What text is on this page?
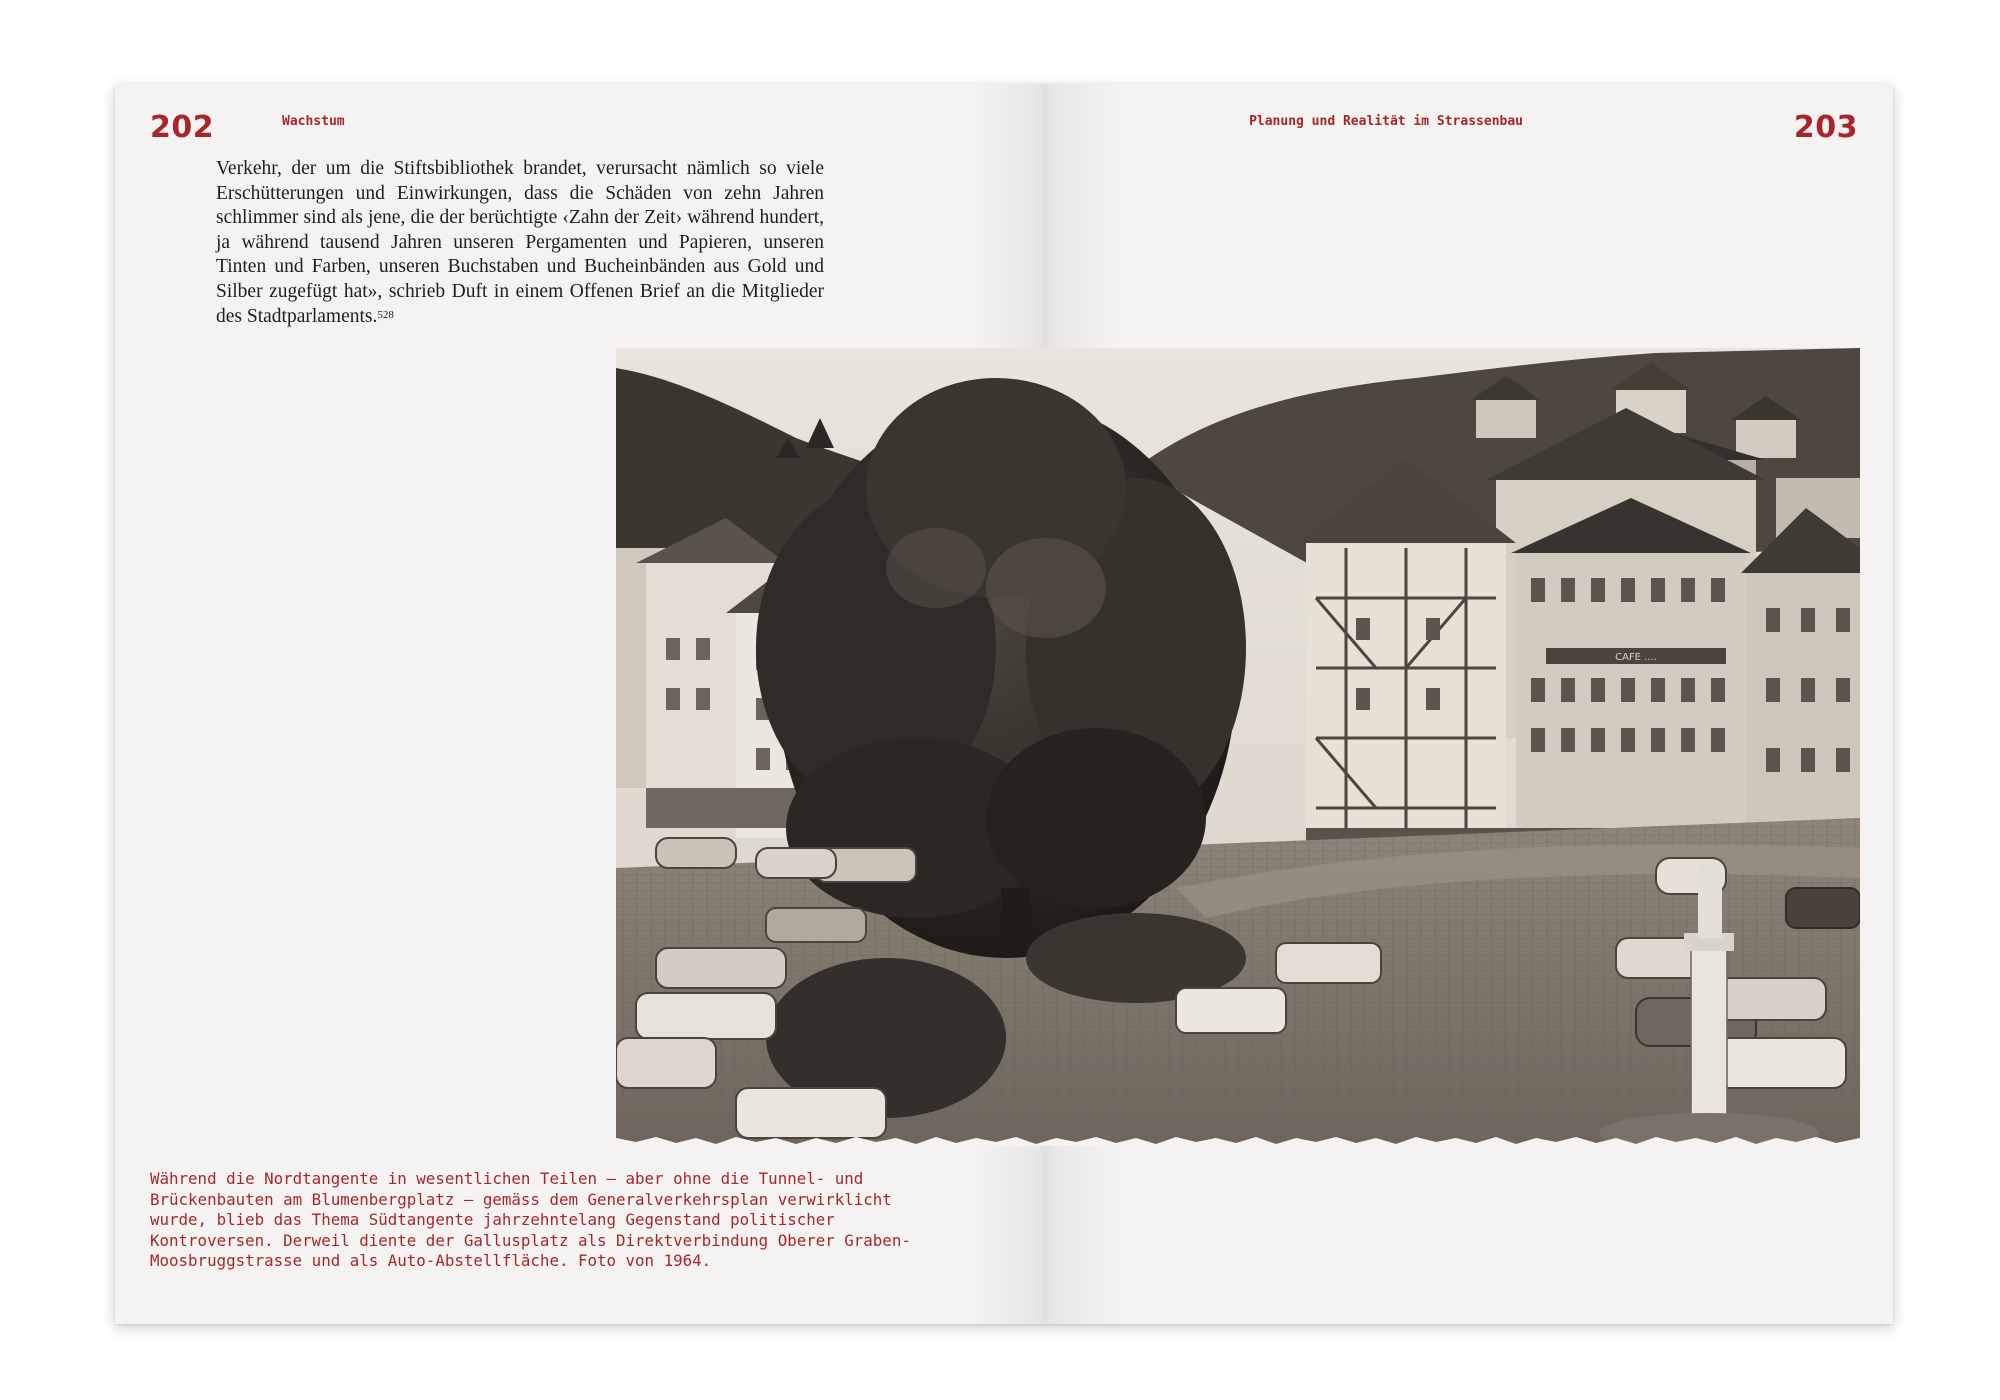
202	Wachstum	Planung und Realität im Strassenbau	203

Verkehr, der um die Stiftsbibliothek brandet, verursacht nämlich so viele Erschütterungen und Einwirkungen, dass die Schäden von zehn Jahren schlimmer sind als jene, die der berüchtigte ‹Zahn der Zeit› während hundert, ja während tausend Jahren unseren Pergamenten und Papieren, unseren Tinten und Farben, unseren Buchstaben und Bucheinbänden aus Gold und Silber zugefügt hat», schrieb Duft in einem Offenen Brief an die Mitglieder des Stadtparlaments.$^{528}$

CAFE ....

Während die Nordtangente in wesentlichen Teilen – aber ohne die Tunnel- und Brückenbauten am Blumenbergplatz – gemäss dem Generalverkehrsplan verwirklicht wurde, blieb das Thema Südtangente jahrzehntelang Gegenstand politischer Kontroversen. Derweil diente der Gallusplatz als Direktverbindung Oberer Graben-Moosbruggstrasse und als Auto-Abstellfläche. Foto von 1964.
